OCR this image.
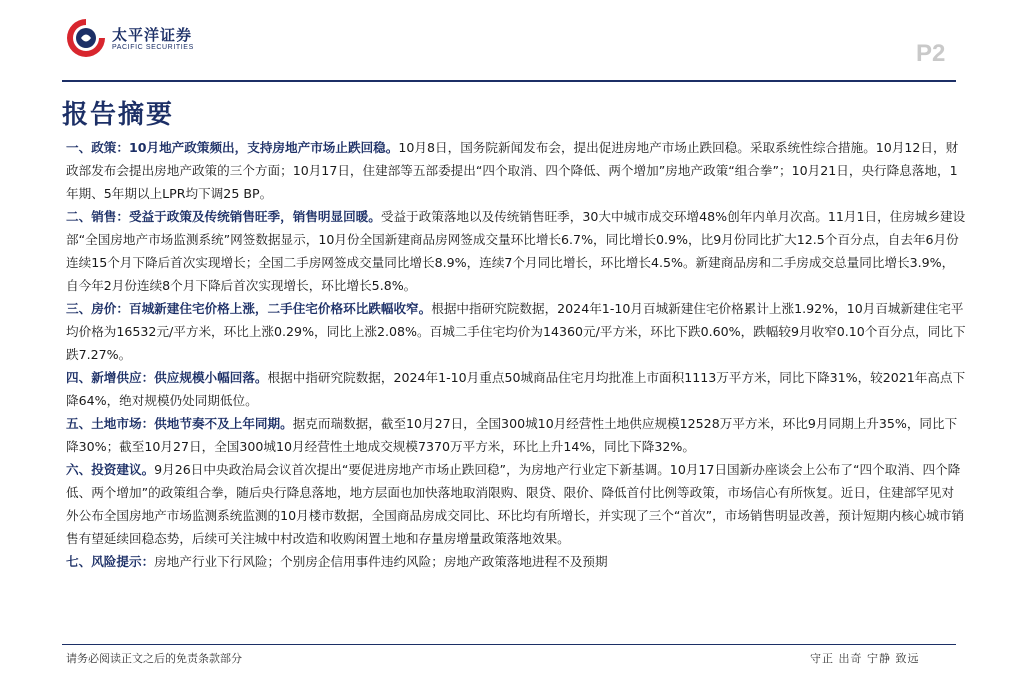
太平洋证券
PACIFIC SECURITIES	P2
报告摘要

一、政策：10月地产政策频出，支持房地产市场止跌回稳。10月8日，国务院新闻发布会，提出促进房地产市场止跌回稳。采取系统性综合措施。10月12日，财政部发布会提出房地产政策的三个方面；10月17日，住建部等五部委提出“四个取消、四个降低、两个增加”房地产政策“组合拳”；10月21日，央行降息落地，1年期、5年期以上LPR均下调25 BP。

二、销售：受益于政策及传统销售旺季，销售明显回暖。受益于政策落地以及传统销售旺季，30大中城市成交环增48%创年内单月次高。11月1日，住房城乡建设部“全国房地产市场监测系统”网签数据显示，10月份全国新建商品房网签成交量环比增长6.7%，同比增长0.9%，比9月份同比扩大12.5个百分点，自去年6月份连续15个月下降后首次实现增长；全国二手房网签成交量同比增长8.9%，连续7个月同比增长，环比增长4.5%。新建商品房和二手房成交总量同比增长3.9%，自今年2月份连续8个月下降后首次实现增长，环比增长5.8%。

三、房价：百城新建住宅价格上涨，二手住宅价格环比跌幅收窄。根据中指研究院数据，2024年1-10月百城新建住宅价格累计上涨1.92%，10月百城新建住宅平均价格为16532元/平方米，环比上涨0.29%，同比上涨2.08%。百城二手住宅均价为14360元/平方米，环比下跌0.60%，跌幅较9月收窄0.10个百分点，同比下跌7.27%。

四、新增供应：供应规模小幅回落。根据中指研究院数据，2024年1-10月重点50城商品住宅月均批准上市面积1113万平方米，同比下降31%，较2021年高点下降64%，绝对规模仍处同期低位。

五、土地市场：供地节奏不及上年同期。据克而瑞数据，截至10月27日，全国300城10月经营性土地供应规模12528万平方米，环比9月同期上升35%，同比下降30%；截至10月27日，全国300城10月经营性土地成交规模7370万平方米，环比上升14%，同比下降32%。

六、投资建议。9月26日中央政治局会议首次提出“要促进房地产市场止跌回稳”，为房地产行业定下新基调。10月17日国新办座谈会上公布了“四个取消、四个降低、两个增加”的政策组合拳，随后央行降息落地，地方层面也加快落地取消限购、限贷、限价、降低首付比例等政策，市场信心有所恢复。近日，住建部罕见对外公布全国房地产市场监测系统监测的10月楼市数据，全国商品房成交同比、环比均有所增长，并实现了三个“首次”，市场销售明显改善，预计短期内核心城市销售有望延续回稳态势，后续可关注城中村改造和收购闲置土地和存量房增量政策落地效果。

七、风险提示：房地产行业下行风险；个别房企信用事件违约风险；房地产政策落地进程不及预期

请务必阅读正文之后的免责条款部分	守正 出奇 宁静 致远
